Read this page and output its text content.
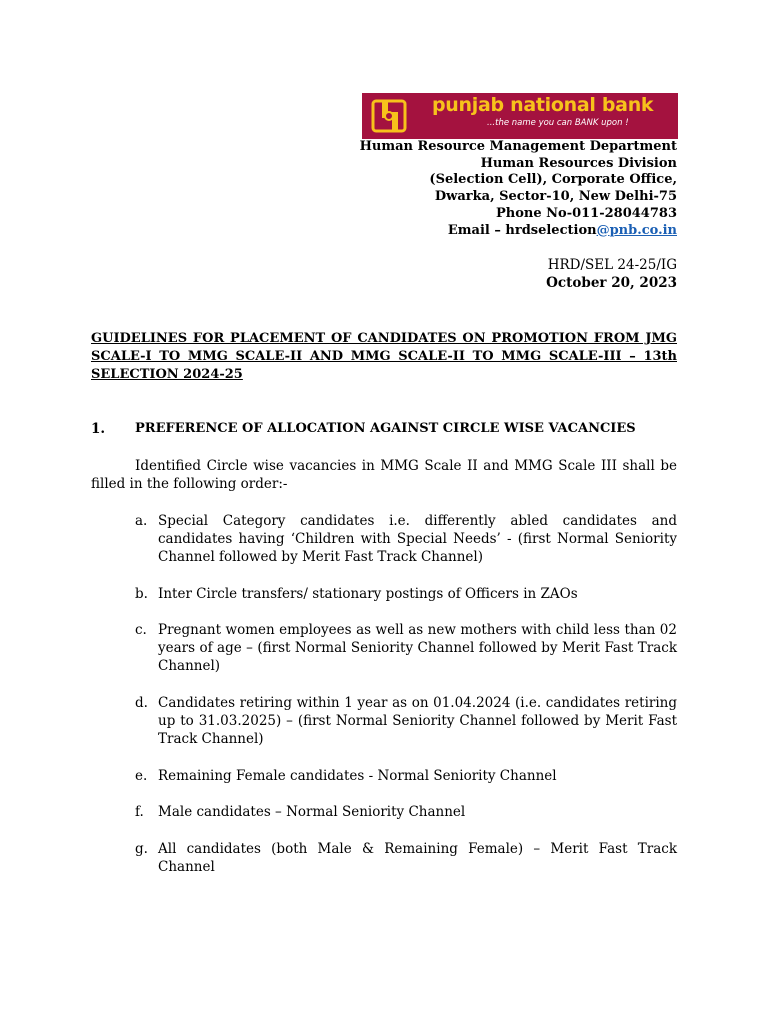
punjab national bank
...the name you can BANK upon !
Human Resource Management Department
Human Resources Division
(Selection Cell), Corporate Office,
Dwarka, Sector-10, New Delhi-75
Phone No-011-28044783
Email – hrdselection@pnb.co.in
HRD/SEL 24-25/IG
October 20, 2023
GUIDELINES FOR PLACEMENT OF CANDIDATES ON PROMOTION FROM JMG SCALE-I TO MMG SCALE-II AND MMG SCALE-II TO MMG SCALE-III – 13th SELECTION 2024-25
1. PREFERENCE OF ALLOCATION AGAINST CIRCLE WISE VACANCIES
Identified Circle wise vacancies in MMG Scale II and MMG Scale III shall be filled in the following order:-
a. Special Category candidates i.e. differently abled candidates and candidates having ‘Children with Special Needs’ - (first Normal Seniority Channel followed by Merit Fast Track Channel)
b. Inter Circle transfers/ stationary postings of Officers in ZAOs
c. Pregnant women employees as well as new mothers with child less than 02 years of age – (first Normal Seniority Channel followed by Merit Fast Track Channel)
d. Candidates retiring within 1 year as on 01.04.2024 (i.e. candidates retiring up to 31.03.2025) – (first Normal Seniority Channel followed by Merit Fast Track Channel)
e. Remaining Female candidates - Normal Seniority Channel
f. Male candidates – Normal Seniority Channel
g. All candidates (both Male & Remaining Female) – Merit Fast Track Channel
